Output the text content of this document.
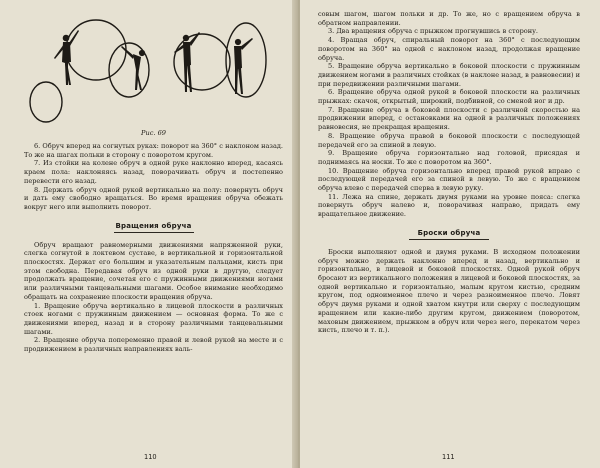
Рис. 69

6. Обруч вперед на согнутых руках: поворот на 360° с наклоном назад. То же на шагах польки в сторону с поворотом кругом.

7. Из стойки на колене обруч в одной руке наклонно вперед, касаясь краем пола: наклоняясь назад, поворачивать обруч и постепенно перевести его назад.

8. Держать обруч одной рукой вертикально на полу: повернуть обруч и дать ему свободно вращаться. Во время вращения обруча обежать вокруг него или выполнить поворот.

Вращения обруча

Обруч вращают равномерными движениями напряженной руки, слегка согнутой в локтевом суставе, в вертикальной и горизонтальной плоскостях. Держат его большим и указательным пальцами, кисть при этом свободна. Передавая обруч из одной руки в другую, следует продолжать вращение, сочетая его с пружинными движениями ногами или различными танцевальными шагами. Особое внимание необходимо обращать на сохранение плоскости вращения обруча.

1. Вращение обруча вертикально в лицевой плоскости в различных стоек ногами с пружинным движением — основная форма. То же с движениями вперед, назад и в сторону различными танцевальными шагами.

2. Вращение обруча попеременно правой и левой рукой на месте и с продвижением в различных направлениях валь-

110

совым шагом, шагом польки и др. То же, но с вращением обруча в обратном направлении.

3. Два вращения обруча с прыжком прогнувшись в сторону.

4. Вращая обруч, спиральный поворот на 360° с последующим поворотом на 360° на одной с наклоном назад, продолжая вращение обруча.

5. Вращение обруча вертикально в боковой плоскости с пружинным движением ногами в различных стойках (в наклоне назад, в равновесии) и при передвижении различными шагами.

6. Вращение обруча одной рукой в боковой плоскости на различных прыжках: скачок, открытый, широкий, подбивной, со сменой ног и др.

7. Вращение обруча в боковой плоскости с различной скоростью на продвижении вперед, с остановками на одной в различных положениях равновесия, не прекращая вращения.

8. Вращение обруча правой в боковой плоскости с последующей передачей его за спиной в левую.

9. Вращение обруча горизонтально над головой, присядая и поднимаясь на носки. То же с поворотом на 360°.

10. Вращение обруча горизонтально вперед правой рукой вправо с последующей передачей его за спиной в левую. То же с вращением обруча влево с передачей сперва в левую руку.

11. Лежа на спине, держать двумя руками на уровне пояса: слегка повернуть обруч налево и, поворачивая направо, придать ему вращательное движение.

Броски обруча

Броски выполняют одной и двумя руками. В исходном положении обруч можно держать наклонно вперед и назад, вертикально и горизонтально, в лицевой и боковой плоскостях. Одной рукой обруч бросают из вертикального положения в лицевой и боковой плоскостях, за одной вертикально и горизонтально, малым кругом кистью, средним кругом, под одноименное плечо и через разноименное плечо. Ловят обруч двумя руками и одной хватом кнутри или сверху с последующим вращением или какие-либо другим кругом, движением (поворотом, маховым движением, прыжком в обруч или через него, перекатом через кисть, плечо и т. п.).

111
